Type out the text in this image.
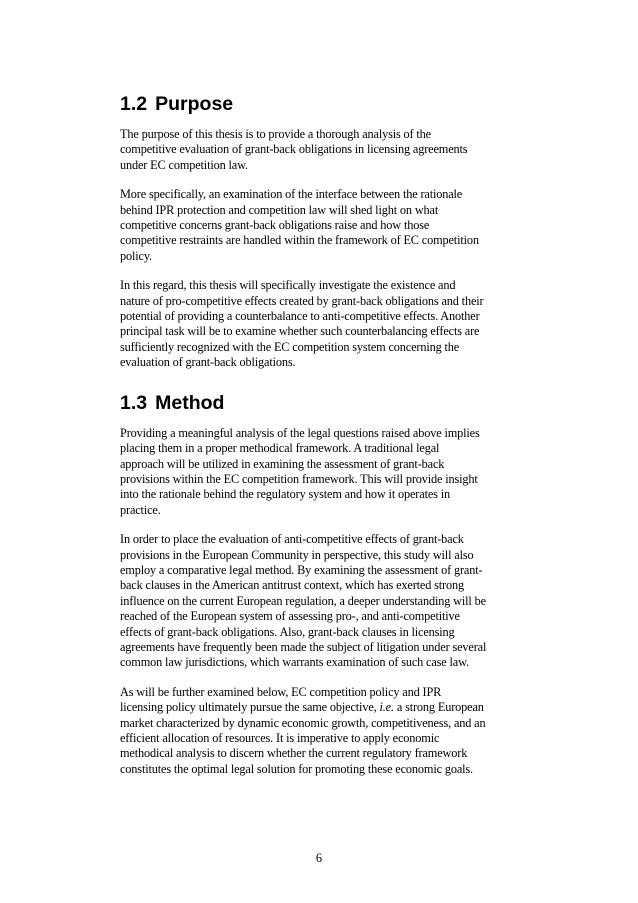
1.2 Purpose

The purpose of this thesis is to provide a thorough analysis of the
competitive evaluation of grant-back obligations in licensing agreements
under EC competition law.

More specifically, an examination of the interface between the rationale
behind IPR protection and competition law will shed light on what
competitive concerns grant-back obligations raise and how those
competitive restraints are handled within the framework of EC competition
policy.

In this regard, this thesis will specifically investigate the existence and
nature of pro-competitive effects created by grant-back obligations and their
potential of providing a counterbalance to anti-competitive effects. Another
principal task will be to examine whether such counterbalancing effects are
sufficiently recognized with the EC competition system concerning the
evaluation of grant-back obligations.

1.3 Method

Providing a meaningful analysis of the legal questions raised above implies
placing them in a proper methodical framework. A traditional legal
approach will be utilized in examining the assessment of grant-back
provisions within the EC competition framework. This will provide insight
into the rationale behind the regulatory system and how it operates in
practice.

In order to place the evaluation of anti-competitive effects of grant-back
provisions in the European Community in perspective, this study will also
employ a comparative legal method. By examining the assessment of grant-
back clauses in the American antitrust context, which has exerted strong
influence on the current European regulation, a deeper understanding will be
reached of the European system of assessing pro-, and anti-competitive
effects of grant-back obligations. Also, grant-back clauses in licensing
agreements have frequently been made the subject of litigation under several
common law jurisdictions, which warrants examination of such case law.

As will be further examined below, EC competition policy and IPR
licensing policy ultimately pursue the same objective, i.e. a strong European
market characterized by dynamic economic growth, competitiveness, and an
efficient allocation of resources. It is imperative to apply economic
methodical analysis to discern whether the current regulatory framework
constitutes the optimal legal solution for promoting these economic goals.

6
